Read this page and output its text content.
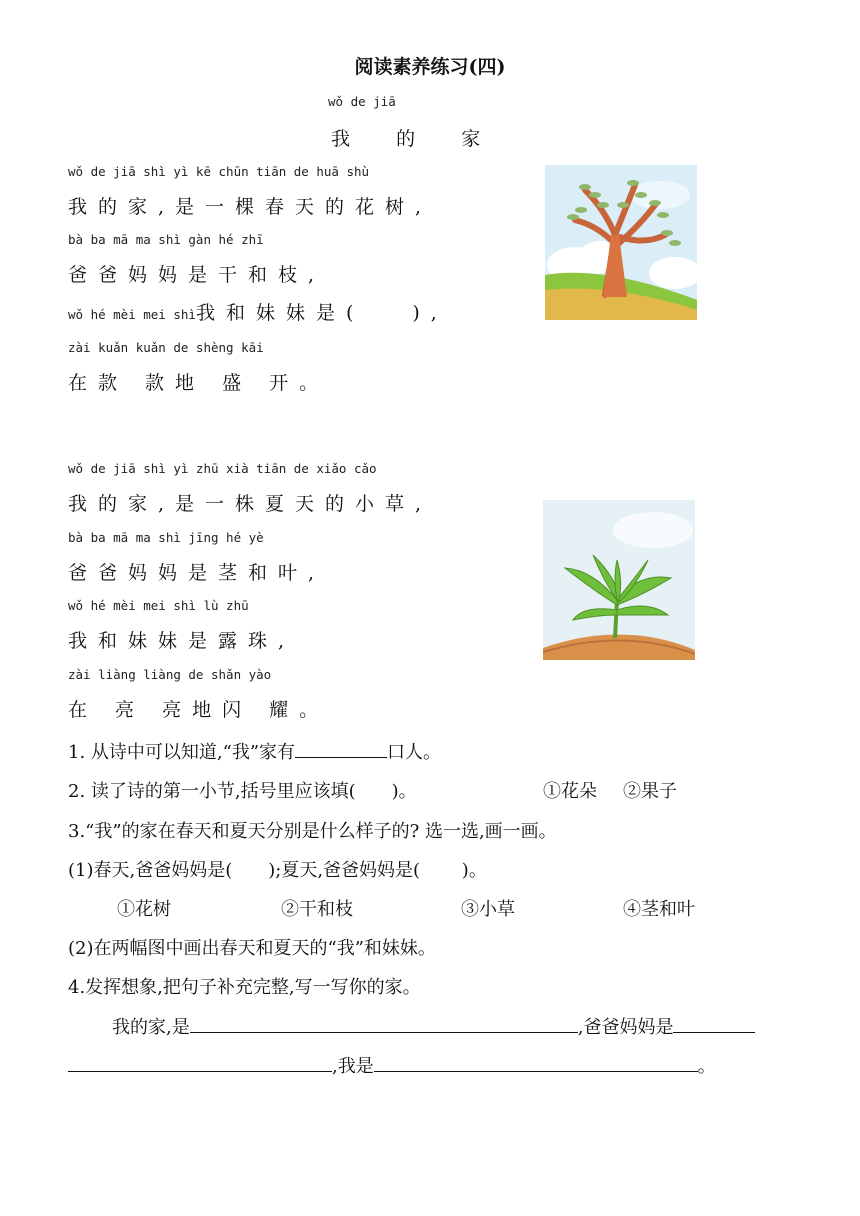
阅读素养练习(四)
wǒ de jiā
我 的 家
wǒ de jiā shì yì kē chūn tiān de huā shù
我的家,是一棵春天的花树,
bà ba mā ma shì gàn hé zhī
爸爸妈妈是干和枝,
wǒ hé mèi mei shì我和妹妹是(	),
zài kuǎn kuǎn de shèng kāi
在款 款地 盛 开。
wǒ de jiā shì yì zhū xià tiān de xiǎo cǎo
我的家,是一株夏天的小草,
bà ba mā ma shì jīng hé yè
爸爸妈妈是茎和叶,
wǒ hé mèi mei shì lù zhū
我和妹妹是露珠,
zài liàng liàng de shǎn yào
在 亮 亮地闪 耀。
1. 从诗中可以知道,“我”家有	口人。
2. 读了诗的第一小节,括号里应该填(　　)。	①花朵 ②果子
3.“我”的家在春天和夏天分别是什么样子的? 选一选,画一画。
(1)春天,爸爸妈妈是(　　);夏天,爸爸妈妈是(　　 )。
①花树	②干和枝	③小草	④茎和叶
(2)在两幅图中画出春天和夏天的“我”和妹妹。
4.发挥想象,把句子补充完整,写一写你的家。
我的家,是	,爸爸妈妈是
,我是	。
